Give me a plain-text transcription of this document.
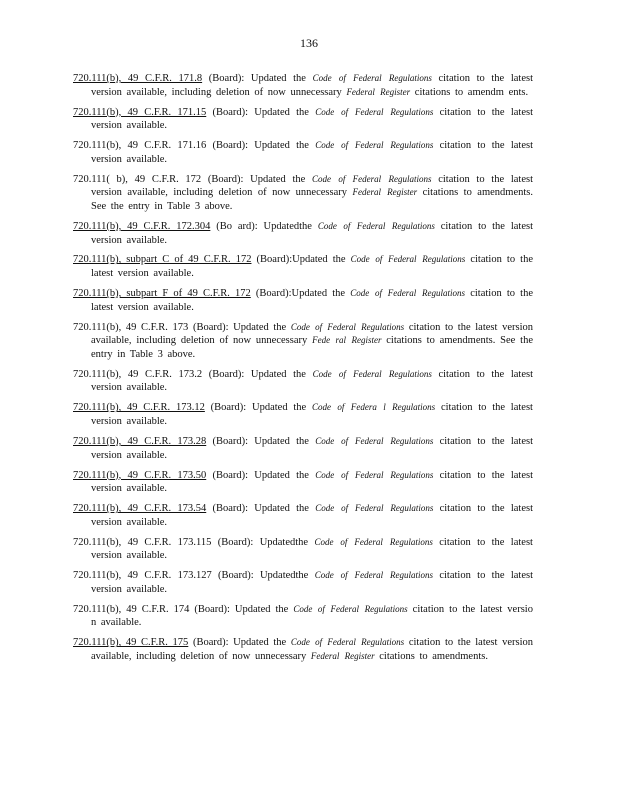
136
720.111(b), 49 C.F.R. 171.8 (Board): Updated the Code of Federal Regulations citation to the latest version available, including deletion of now unnecessary Federal Register citations to amendm ents.
720.111(b), 49 C.F.R. 171.15 (Board): Updated the Code of Federal Regulations citation to the latest version available.
720.111(b), 49 C.F.R. 171.16 (Board): Updated the Code of Federal Regulations citation to the latest version available.
720.111( b), 49 C.F.R. 172 (Board): Updated the Code of Federal Regulations citation to the latest version available, including deletion of now unnecessary Federal Register citations to amendments. See the entry in Table 3 above.
720.111(b), 49 C.F.R. 172.304 (Bo ard): Updatedthe Code of Federal Regulations citation to the latest version available.
720.111(b), subpart C of 49 C.F.R. 172 (Board):Updated the Code of Federal Regulations citation to the latest version available.
720.111(b), subpart F of 49 C.F.R. 172 (Board):Updated the Code of Federal Regulations citation to the latest version available.
720.111(b), 49 C.F.R. 173 (Board): Updated the Code of Federal Regulations citation to the latest version available, including deletion of now unnecessary Fede ral Register citations to amendments. See the entry in Table 3 above.
720.111(b), 49 C.F.R. 173.2 (Board): Updated the Code of Federal Regulations citation to the latest version available.
720.111(b), 49 C.F.R. 173.12 (Board): Updated the Code of Federa l Regulations citation to the latest version available.
720.111(b), 49 C.F.R. 173.28 (Board): Updated the Code of Federal Regulations citation to the latest version available.
720.111(b), 49 C.F.R. 173.50 (Board): Updated the Code of Federal Regulations citation to the latest version available.
720.111(b), 49 C.F.R. 173.54 (Board): Updated the Code of Federal Regulations citation to the latest version available.
720.111(b), 49 C.F.R. 173.115 (Board): Updatedthe Code of Federal Regulations citation to the latest version available.
720.111(b), 49 C.F.R. 173.127 (Board): Updatedthe Code of Federal Regulations citation to the latest version available.
720.111(b), 49 C.F.R. 174 (Board): Updated the Code of Federal Regulations citation to the latest versio n available.
720.111(b), 49 C.F.R. 175 (Board): Updated the Code of Federal Regulations citation to the latest version available, including deletion of now unnecessary Federal Register citations to amendments.
